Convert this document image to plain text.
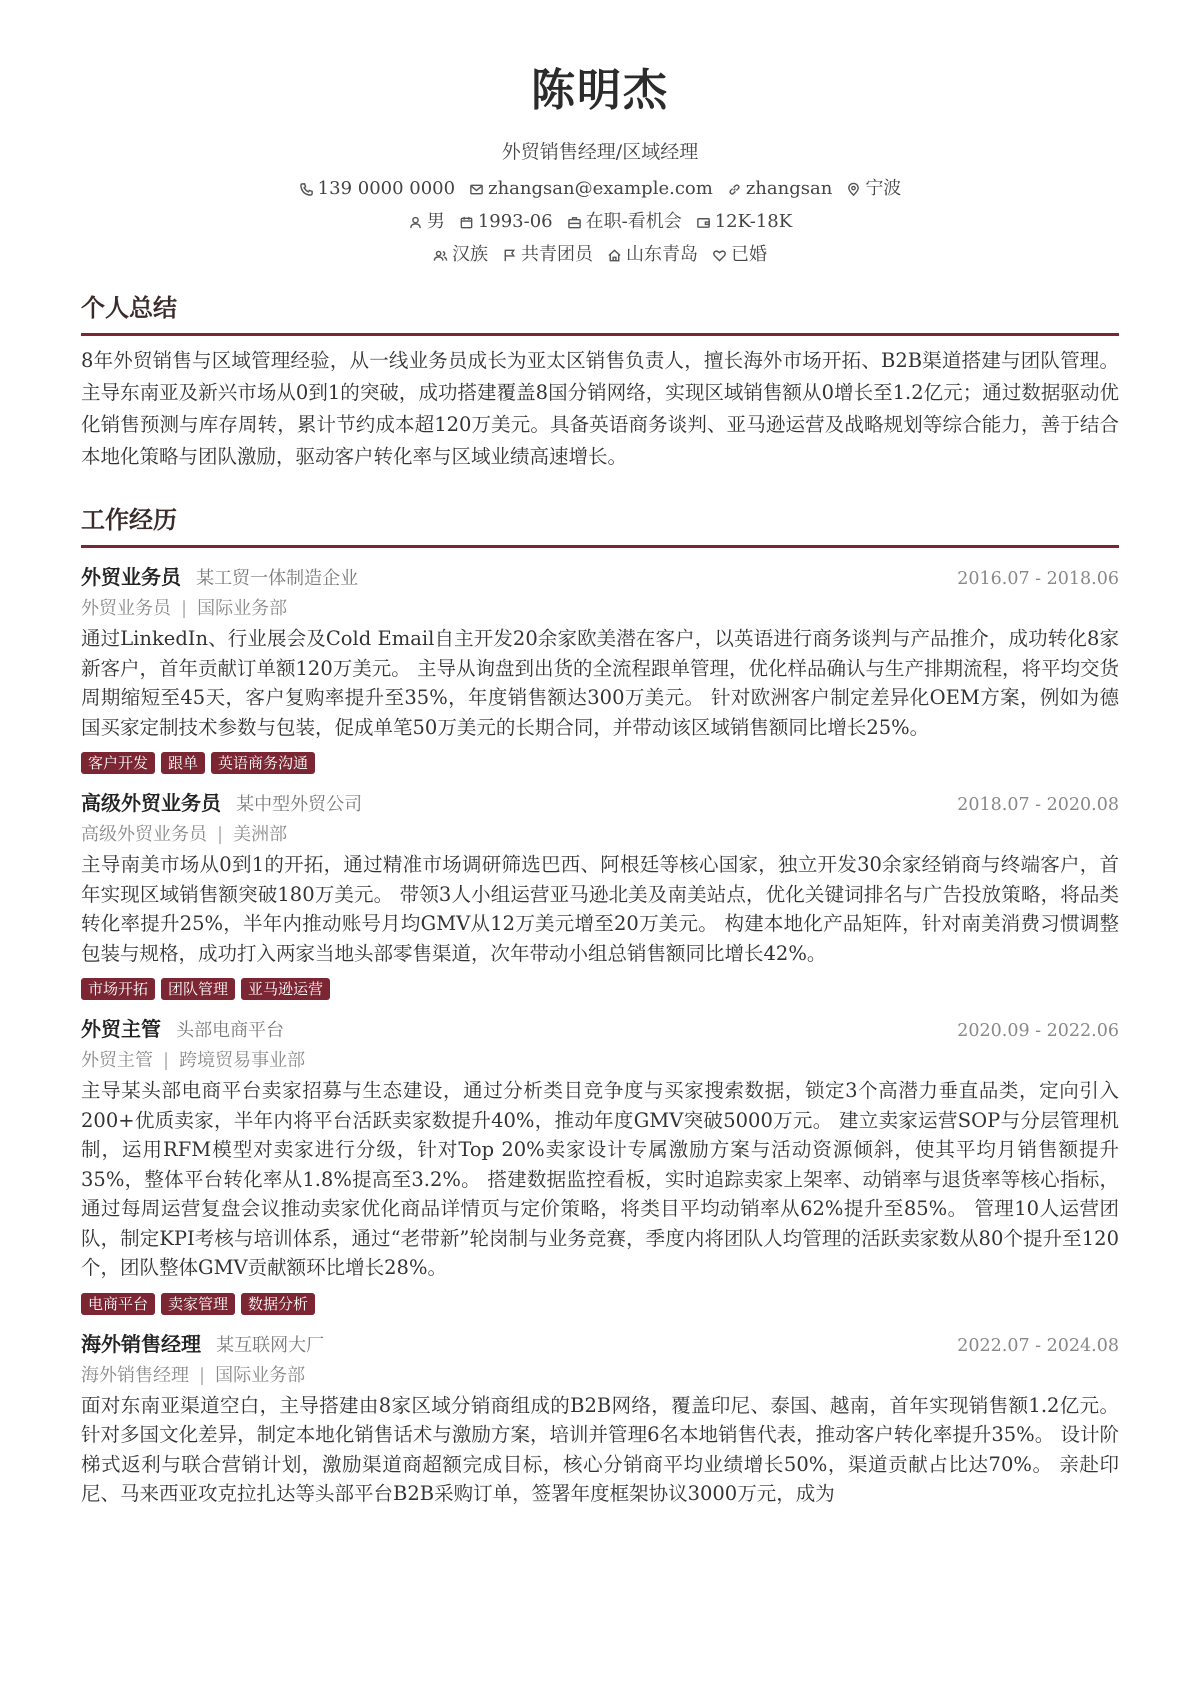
陈明杰
外贸销售经理/区域经理
139 0000 0000 zhangsan@example.com zhangsan 宁波
男 1993-06 在职-看机会 12K-18K
汉族 共青团员 山东青岛 已婚
个人总结
8年外贸销售与区域管理经验，从一线业务员成长为亚太区销售负责人，擅长海外市场开拓、B2B渠道搭建与团队管理。主导东南亚及新兴市场从0到1的突破，成功搭建覆盖8国分销网络，实现区域销售额从0增长至1.2亿元；通过数据驱动优化销售预测与库存周转，累计节约成本超120万美元。具备英语商务谈判、亚马逊运营及战略规划等综合能力，善于结合本地化策略与团队激励，驱动客户转化率与区域业绩高速增长。
工作经历
外贸业务员 某工贸一体制造企业	2016.07 - 2018.06
外贸业务员 | 国际业务部
通过LinkedIn、行业展会及Cold Email自主开发20余家欧美潜在客户，以英语进行商务谈判与产品推介，成功转化8家新客户，首年贡献订单额120万美元。 主导从询盘到出货的全流程跟单管理，优化样品确认与生产排期流程，将平均交货周期缩短至45天，客户复购率提升至35%，年度销售额达300万美元。 针对欧洲客户制定差异化OEM方案，例如为德国买家定制技术参数与包装，促成单笔50万美元的长期合同，并带动该区域销售额同比增长25%。
客户开发	跟单	英语商务沟通
高级外贸业务员 某中型外贸公司	2018.07 - 2020.08
高级外贸业务员 | 美洲部
主导南美市场从0到1的开拓，通过精准市场调研筛选巴西、阿根廷等核心国家，独立开发30余家经销商与终端客户，首年实现区域销售额突破180万美元。 带领3人小组运营亚马逊北美及南美站点，优化关键词排名与广告投放策略，将品类转化率提升25%，半年内推动账号月均GMV从12万美元增至20万美元。 构建本地化产品矩阵，针对南美消费习惯调整包装与规格，成功打入两家当地头部零售渠道，次年带动小组总销售额同比增长42%。
市场开拓	团队管理	亚马逊运营
外贸主管 头部电商平台	2020.09 - 2022.06
外贸主管 | 跨境贸易事业部
主导某头部电商平台卖家招募与生态建设，通过分析类目竞争度与买家搜索数据，锁定3个高潜力垂直品类，定向引入200+优质卖家，半年内将平台活跃卖家数提升40%，推动年度GMV突破5000万元。 建立卖家运营SOP与分层管理机制，运用RFM模型对卖家进行分级，针对Top 20%卖家设计专属激励方案与活动资源倾斜，使其平均月销售额提升35%，整体平台转化率从1.8%提高至3.2%。 搭建数据监控看板，实时追踪卖家上架率、动销率与退货率等核心指标，通过每周运营复盘会议推动卖家优化商品详情页与定价策略，将类目平均动销率从62%提升至85%。 管理10人运营团队，制定KPI考核与培训体系，通过“老带新”轮岗制与业务竞赛，季度内将团队人均管理的活跃卖家数从80个提升至120个，团队整体GMV贡献额环比增长28%。
电商平台	卖家管理	数据分析
海外销售经理 某互联网大厂	2022.07 - 2024.08
海外销售经理 | 国际业务部
面对东南亚渠道空白，主导搭建由8家区域分销商组成的B2B网络，覆盖印尼、泰国、越南，首年实现销售额1.2亿元。 针对多国文化差异，制定本地化销售话术与激励方案，培训并管理6名本地销售代表，推动客户转化率提升35%。 设计阶梯式返利与联合营销计划，激励渠道商超额完成目标，核心分销商平均业绩增长50%，渠道贡献占比达70%。 亲赴印尼、马来西亚攻克拉扎达等头部平台B2B采购订单，签署年度框架协议3000万元，成为
